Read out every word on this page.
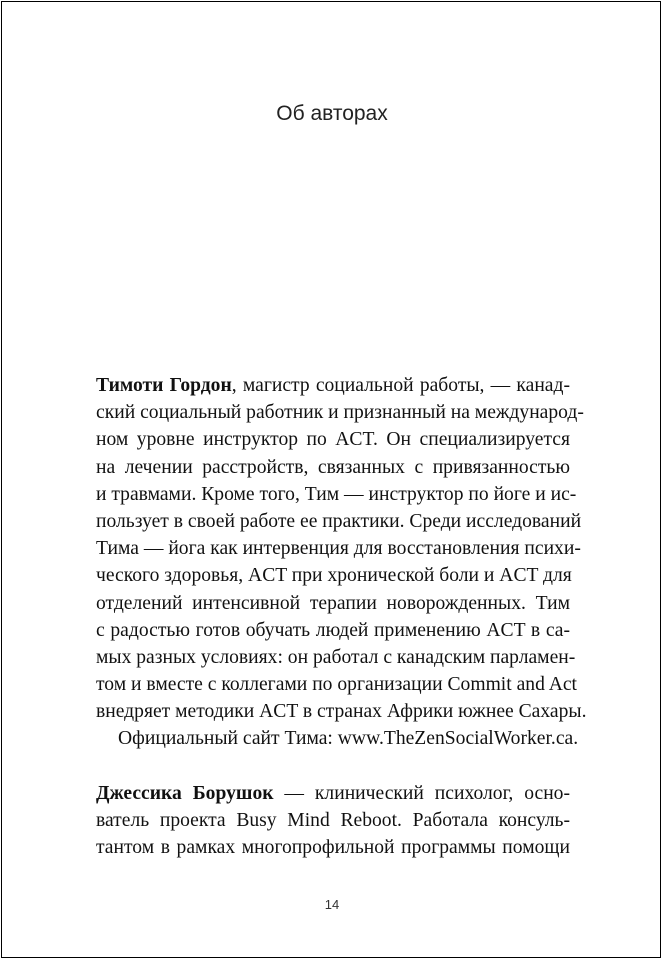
Об авторах
Тимоти Гордон, магистр социальной работы, — канад-
ский социальный работник и признанный на международ-
ном уровне инструктор по ACT. Он специализируется
на лечении расстройств, связанных с привязанностью
и травмами. Кроме того, Тим — инструктор по йоге и ис-
пользует в своей работе ее практики. Среди исследований
Тима — йога как интервенция для восстановления психи-
ческого здоровья, ACT при хронической боли и ACT для
отделений интенсивной терапии новорожденных. Тим
с радостью готов обучать людей применению ACT в са-
мых разных условиях: он работал с канадским парламен-
том и вместе с коллегами по организации Commit and Act
внедряет методики ACT в странах Африки южнее Сахары.
Официальный сайт Тима: www.TheZenSocialWorker.ca.
Джессика Борушок — клинический психолог, осно-
ватель проекта Busy Mind Reboot. Работала консуль-
тантом в рамках многопрофильной программы помощи
14
